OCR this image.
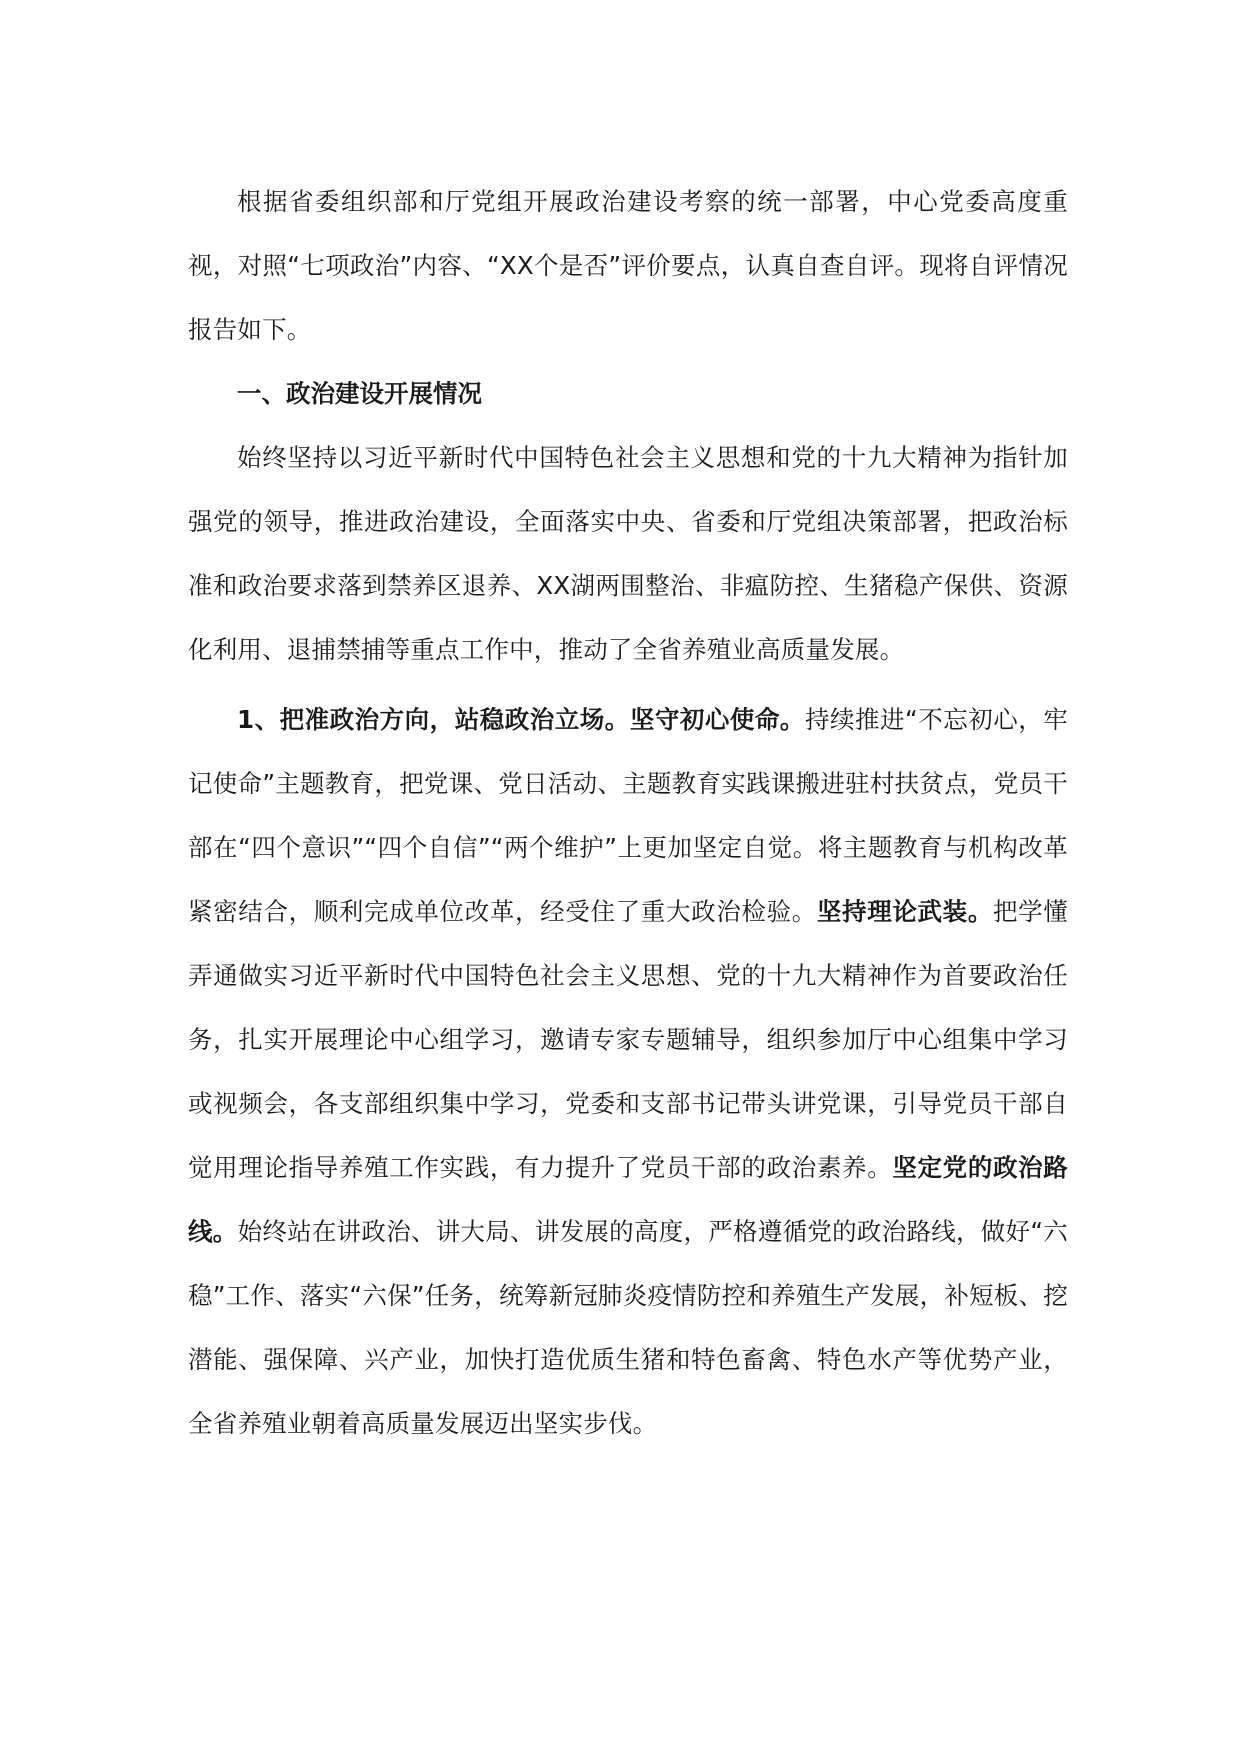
根据省委组织部和厅党组开展政治建设考察的统一部署，中心党委高度重视，对照“七项政治”内容、“XX个是否”评价要点，认真自查自评。现将自评情况报告如下。

一、政治建设开展情况

始终坚持以习近平新时代中国特色社会主义思想和党的十九大精神为指针加强党的领导，推进政治建设，全面落实中央、省委和厅党组决策部署，把政治标准和政治要求落到禁养区退养、XX湖两围整治、非瘟防控、生猪稳产保供、资源化利用、退捕禁捕等重点工作中，推动了全省养殖业高质量发展。

1、把准政治方向，站稳政治立场。坚守初心使命。持续推进“不忘初心，牢记使命”主题教育，把党课、党日活动、主题教育实践课搬进驻村扶贫点，党员干部在“四个意识”“四个自信”“两个维护”上更加坚定自觉。将主题教育与机构改革紧密结合，顺利完成单位改革，经受住了重大政治检验。坚持理论武装。把学懂弄通做实习近平新时代中国特色社会主义思想、党的十九大精神作为首要政治任务，扎实开展理论中心组学习，邀请专家专题辅导，组织参加厅中心组集中学习或视频会，各支部组织集中学习，党委和支部书记带头讲党课，引导党员干部自觉用理论指导养殖工作实践，有力提升了党员干部的政治素养。坚定党的政治路线。始终站在讲政治、讲大局、讲发展的高度，严格遵循党的政治路线，做好“六稳”工作、落实“六保”任务，统筹新冠肺炎疫情防控和养殖生产发展，补短板、挖潜能、强保障、兴产业，加快打造优质生猪和特色畜禽、特色水产等优势产业，全省养殖业朝着高质量发展迈出坚实步伐。
